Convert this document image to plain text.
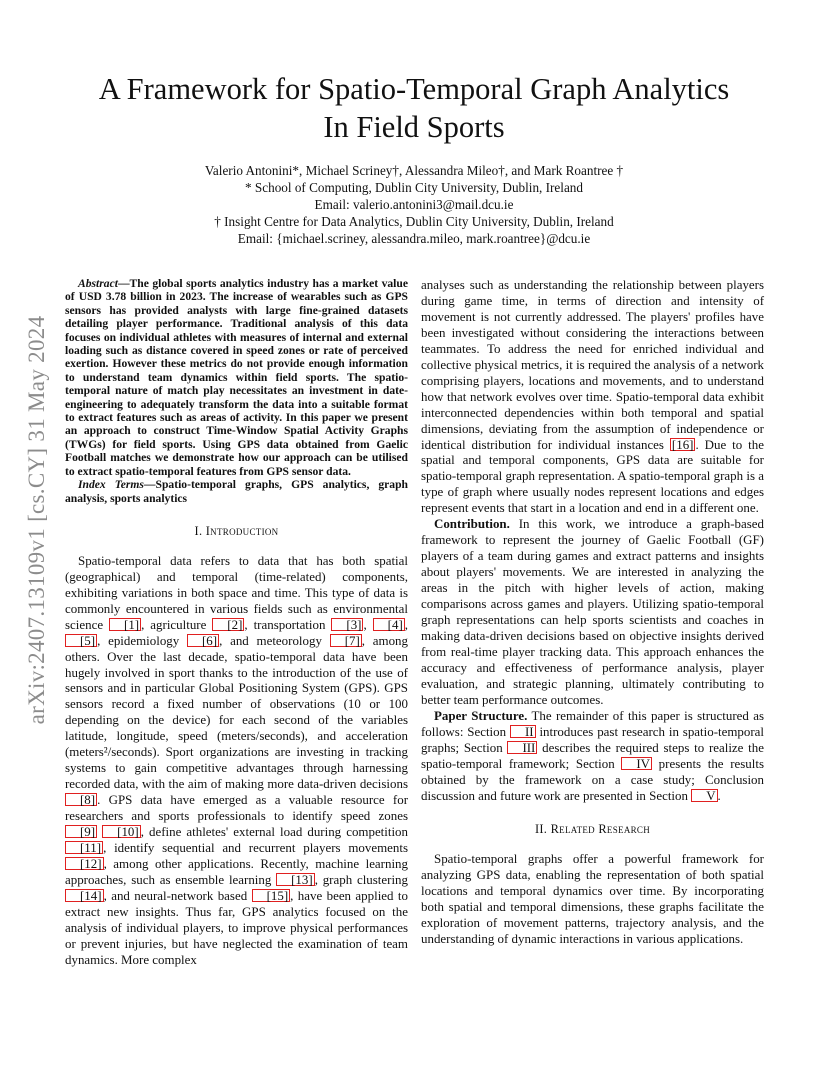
A Framework for Spatio-Temporal Graph Analytics
In Field Sports
Valerio Antonini*, Michael Scriney†, Alessandra Mileo†, and Mark Roantree †
* School of Computing, Dublin City University, Dublin, Ireland
Email: valerio.antonini3@mail.dcu.ie
† Insight Centre for Data Analytics, Dublin City University, Dublin, Ireland
Email: {michael.scriney, alessandra.mileo, mark.roantree}@dcu.ie
arXiv:2407.13109v1 [cs.CY] 31 May 2024

Abstract—The global sports analytics industry has a market value of USD 3.78 billion in 2023. The increase of wearables such as GPS sensors has provided analysts with large fine-grained datasets detailing player performance. Traditional analysis of this data focuses on individual athletes with measures of internal and external loading such as distance covered in speed zones or rate of perceived exertion. However these metrics do not provide enough information to understand team dynamics within field sports. The spatio-temporal nature of match play necessitates an investment in date-engineering to adequately transform the data into a suitable format to extract features such as areas of activity. In this paper we present an approach to construct Time-Window Spatial Activity Graphs (TWGs) for field sports. Using GPS data obtained from Gaelic Football matches we demonstrate how our approach can be utilised to extract spatio-temporal features from GPS sensor data.

Index Terms—Spatio-temporal graphs, GPS analytics, graph analysis, sports analytics

I. Introduction

Spatio-temporal data refers to data that has both spatial (geographical) and temporal (time-related) components, exhibiting variations in both space and time. This type of data is commonly encountered in various fields such as environmental science [1] , agriculture [2] , transportation [3] , [4] , [5] , epidemiology [6] , and meteorology [7] , among others. Over the last decade, spatio-temporal data have been hugely involved in sport thanks to the introduction of the use of sensors and in particular Global Positioning System (GPS). GPS sensors record a fixed number of observations (10 or 100 depending on the device) for each second of the variables latitude, longitude, speed (meters/seconds), and acceleration (meters²/seconds). Sport organizations are investing in tracking systems to gain competitive advantages through harnessing recorded data, with the aim of making more data-driven decisions [8] . GPS data have emerged as a valuable resource for researchers and sports professionals to identify speed zones [9] [10] , define athletes' external load during competition [11] , identify sequential and recurrent players movements [12] , among other applications. Recently, machine learning approaches, such as ensemble learning [13] , graph clustering [14] , and neural-network based [15] , have been applied to extract new insights. Thus far, GPS analytics focused on the analysis of individual players, to improve physical performances or prevent injuries, but have neglected the examination of team dynamics. More complex

analyses such as understanding the relationship between players during game time, in terms of direction and intensity of movement is not currently addressed. The players' profiles have been investigated without considering the interactions between teammates. To address the need for enriched individual and collective physical metrics, it is required the analysis of a network comprising players, locations and movements, and to understand how that network evolves over time. Spatio-temporal data exhibit interconnected dependencies within both temporal and spatial dimensions, deviating from the assumption of independence or identical distribution for individual instances [16] . Due to the spatial and temporal components, GPS data are suitable for spatio-temporal graph representation. A spatio-temporal graph is a type of graph where usually nodes represent locations and edges represent events that start in a location and end in a different one.

Contribution. In this work, we introduce a graph-based framework to represent the journey of Gaelic Football (GF) players of a team during games and extract patterns and insights about players' movements. We are interested in analyzing the areas in the pitch with higher levels of action, making comparisons across games and players. Utilizing spatio-temporal graph representations can help sports scientists and coaches in making data-driven decisions based on objective insights derived from real-time player tracking data. This approach enhances the accuracy and effectiveness of performance analysis, player evaluation, and strategic planning, ultimately contributing to better team performance outcomes.

Paper Structure. The remainder of this paper is structured as follows: Section II introduces past research in spatio-temporal graphs; Section III describes the required steps to realize the spatio-temporal framework; Section IV presents the results obtained by the framework on a case study; Conclusion discussion and future work are presented in Section V .

II. Related Research

Spatio-temporal graphs offer a powerful framework for analyzing GPS data, enabling the representation of both spatial locations and temporal dynamics over time. By incorporating both spatial and temporal dimensions, these graphs facilitate the exploration of movement patterns, trajectory analysis, and the understanding of dynamic interactions in various applications.
